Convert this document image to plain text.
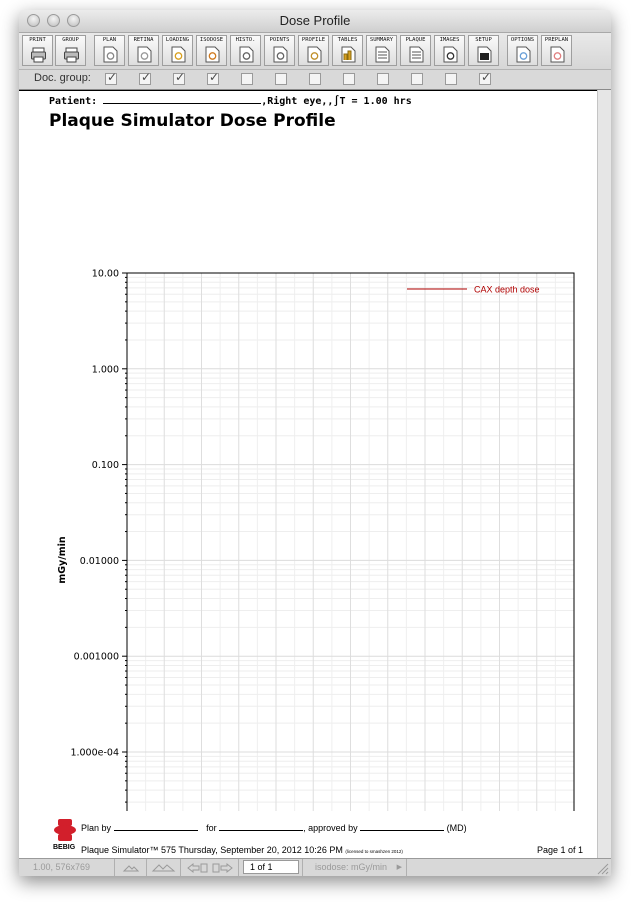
Dose Profile
PRINT	GROUP	PLAN	RETINA	LOADING	ISODOSE	HISTO.	POINTS	PROFILE	TABLES	SUMMARY	PLAQUE	IMAGES	SETUP	OPTIONS	PREPLAN
Doc. group: ✓ ✓ ✓ ✓	✓
Patient:	,Right eye,,∫T = 1.00 hrs
Plaque Simulator Dose Profile
10.00
1.000
0.100
0.01000
0.001000
1.000e-04
mGy/min
CAX depth dose
BEBIG
Plan by	for	, approved by	(MD)
Plaque Simulator™ 575 Thursday, September 20, 2012 10:26 PM (licensed to smashzen 2012)	Page 1 of 1
1.00, 576x769	1 of 1	isodose: mGy/min ▶
